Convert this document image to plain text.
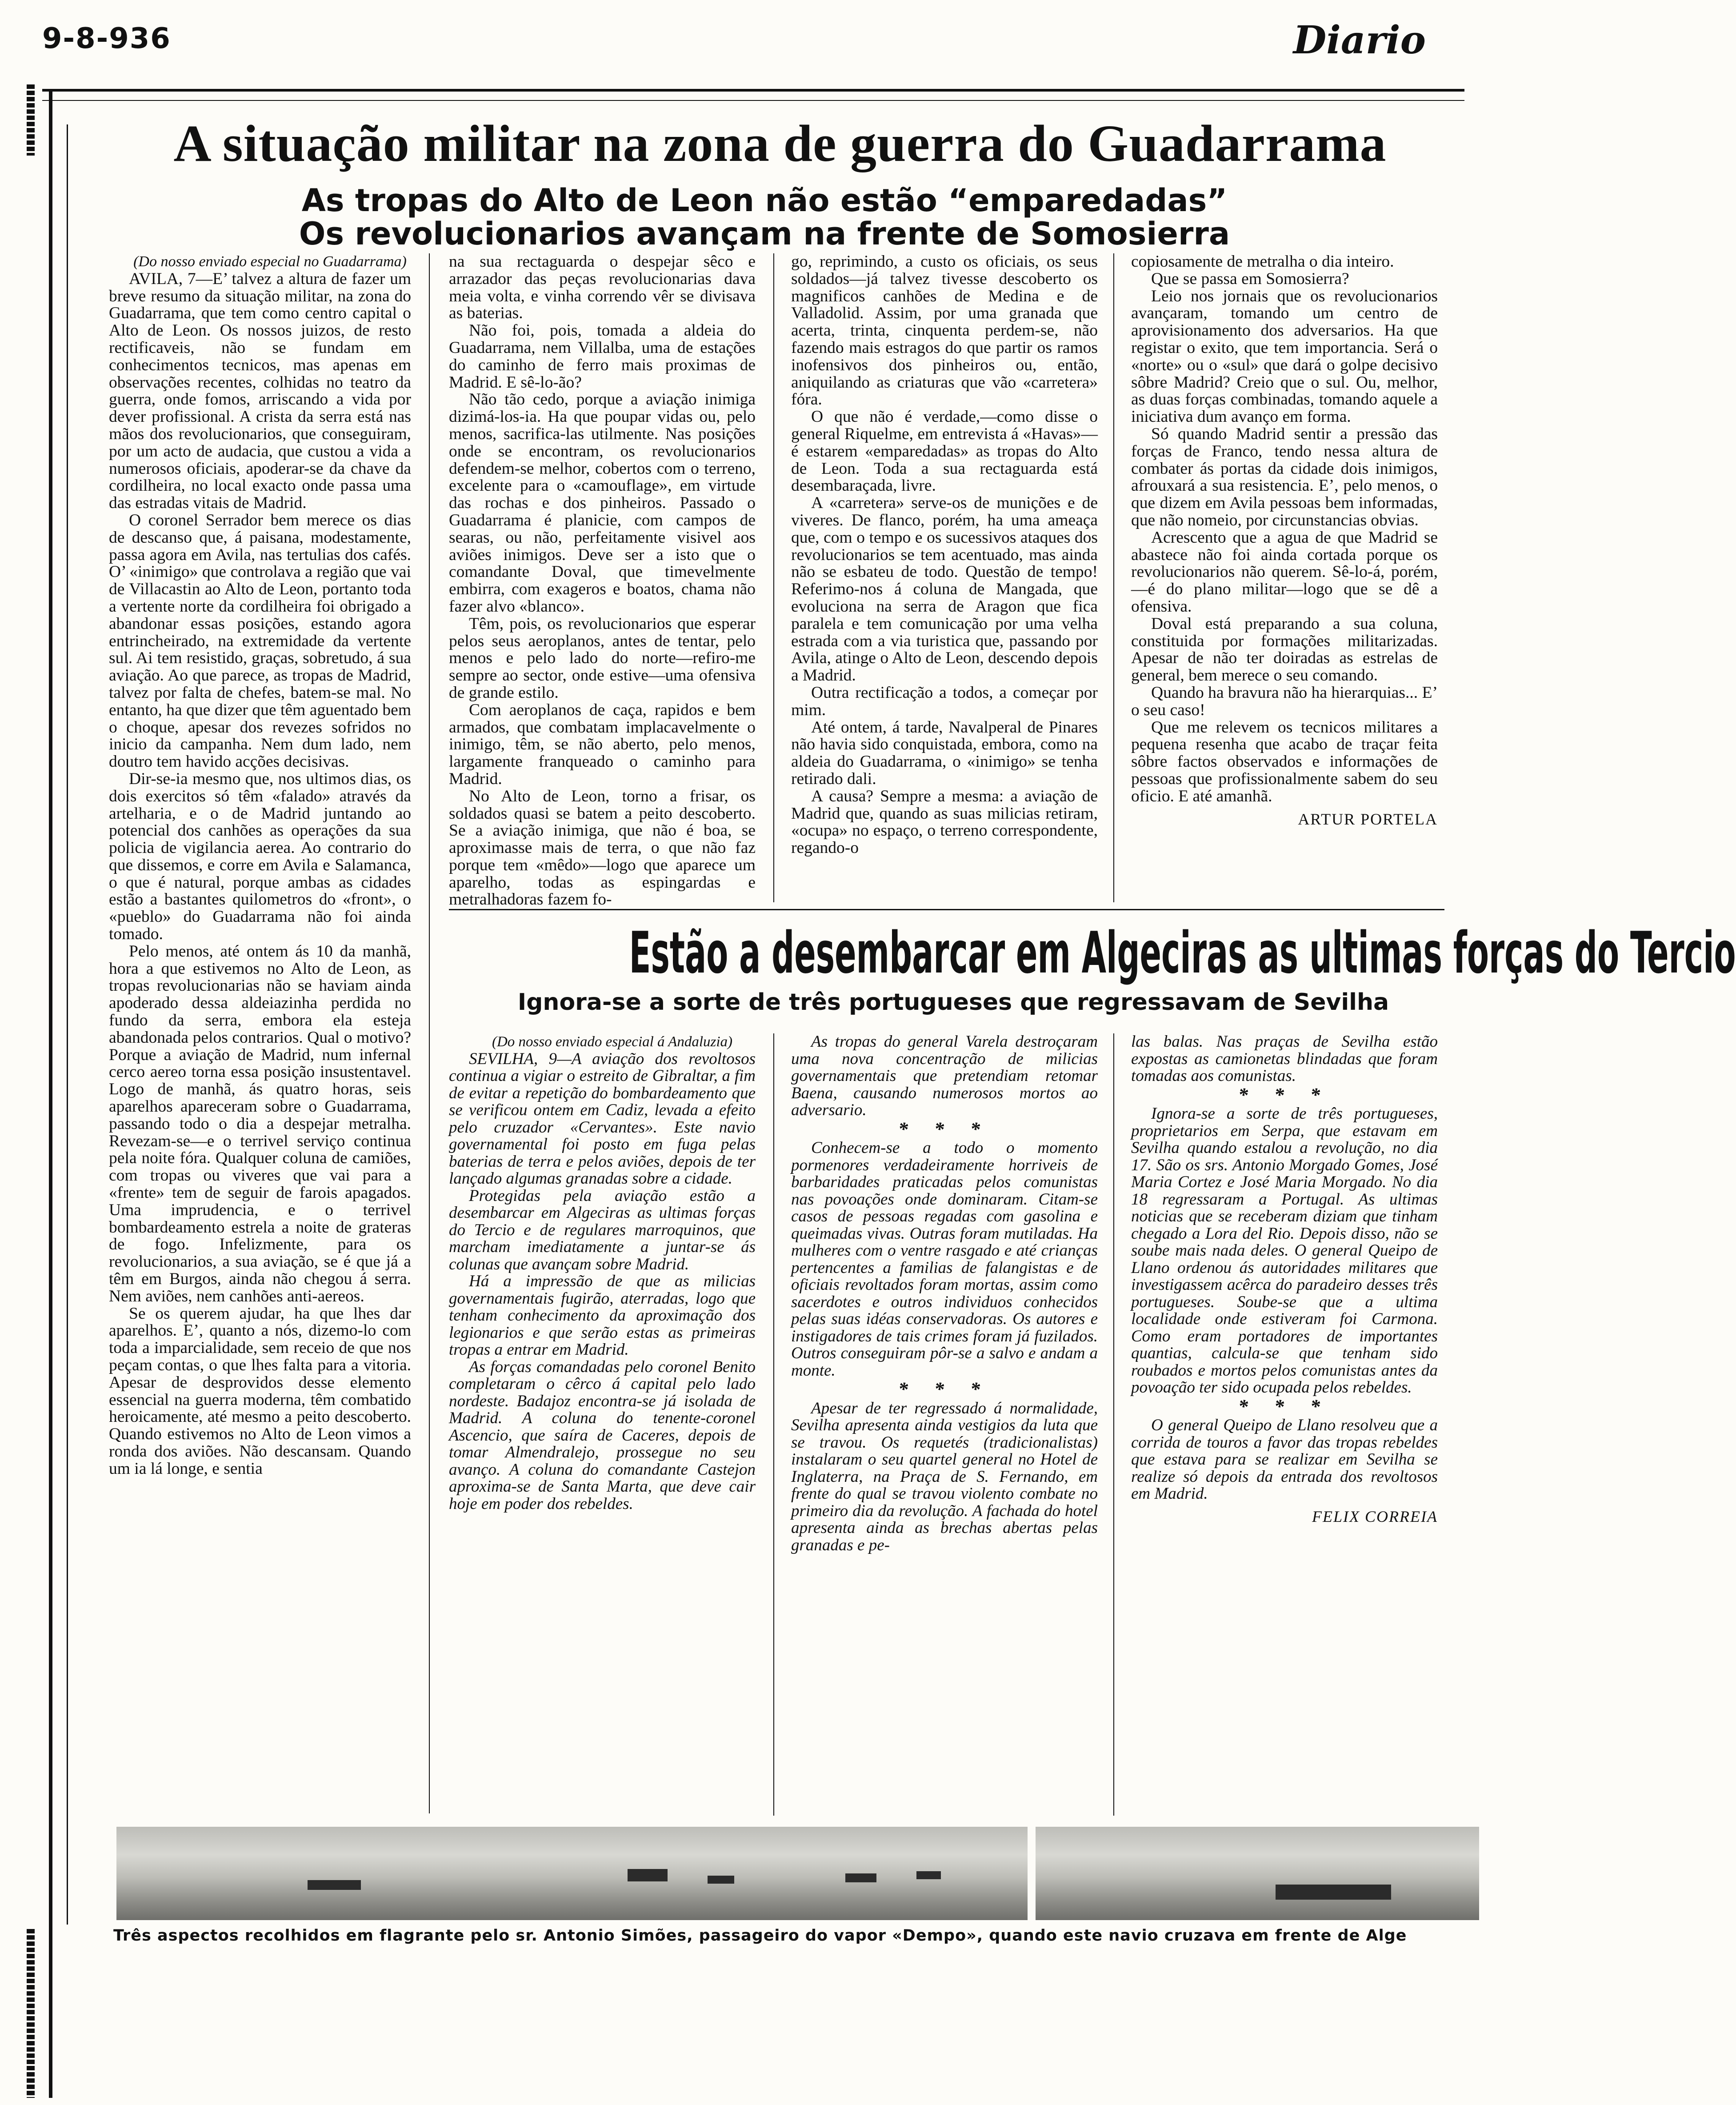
9-8-936	Diario
A situação militar na zona de guerra do Guadarrama
As tropas do Alto de Leon não estão “emparedadas”
Os revolucionarios avançam na frente de Somosierra

(Do nosso enviado especial no Guadarrama)

AVILA, 7—E’ talvez a altura de fazer um breve resumo da situação militar, na zona do Guadarrama, que tem como centro capital o Alto de Leon. Os nossos juizos, de resto rectificaveis, não se fundam em conhecimentos tecnicos, mas apenas em observações recentes, colhidas no teatro da guerra, onde fomos, arriscando a vida por dever profissional. A crista da serra está nas mãos dos revolucionarios, que conseguiram, por um acto de audacia, que custou a vida a numerosos oficiais, apoderar-se da chave da cordilheira, no local exacto onde passa uma das estradas vitais de Madrid.

O coronel Serrador bem merece os dias de descanso que, á paisana, modestamente, passa agora em Avila, nas tertulias dos cafés. O’ «inimigo» que controlava a região que vai de Villacastin ao Alto de Leon, portanto toda a vertente norte da cordilheira foi obrigado a abandonar essas posições, estando agora entrincheirado, na extremidade da vertente sul. Ai tem resistido, graças, sobretudo, á sua aviação. Ao que parece, as tropas de Madrid, talvez por falta de chefes, batem-se mal. No entanto, ha que dizer que têm aguentado bem o choque, apesar dos revezes sofridos no inicio da campanha. Nem dum lado, nem doutro tem havido acções decisivas.

Dir-se-ia mesmo que, nos ultimos dias, os dois exercitos só têm «falado» através da artelharia, e o de Madrid juntando ao potencial dos canhões as operações da sua policia de vigilancia aerea. Ao contrario do que dissemos, e corre em Avila e Salamanca, o que é natural, porque ambas as cidades estão a bastantes quilometros do «front», o «pueblo» do Guadarrama não foi ainda tomado.

Pelo menos, até ontem ás 10 da manhã, hora a que estivemos no Alto de Leon, as tropas revolucionarias não se haviam ainda apoderado dessa aldeiazinha perdida no fundo da serra, embora ela esteja abandonada pelos contrarios. Qual o motivo? Porque a aviação de Madrid, num infernal cerco aereo torna essa posição insustentavel. Logo de manhã, ás quatro horas, seis aparelhos apareceram sobre o Guadarrama, passando todo o dia a despejar metralha. Revezam-se—e o terrivel serviço continua pela noite fóra. Qualquer coluna de camiões, com tropas ou viveres que vai para a «frente» tem de seguir de farois apagados. Uma imprudencia, e o terrivel bombardeamento estrela a noite de grateras de fogo. Infelizmente, para os revolucionarios, a sua aviação, se é que já a têm em Burgos, ainda não chegou á serra. Nem aviões, nem canhões anti-aereos.

Se os querem ajudar, ha que lhes dar aparelhos. E’, quanto a nós, dizemo-lo com toda a imparcialidade, sem receio de que nos peçam contas, o que lhes falta para a vitoria. Apesar de desprovidos desse elemento essencial na guerra moderna, têm combatido heroicamente, até mesmo a peito descoberto. Quando estivemos no Alto de Leon vimos a ronda dos aviões. Não descansam. Quando um ia lá longe, e sentia

na sua rectaguarda o despejar sêco e arrazador das peças revolucionarias dava meia volta, e vinha correndo vêr se divisava as baterias.

Não foi, pois, tomada a aldeia do Guadarrama, nem Villalba, uma de estações do caminho de ferro mais proximas de Madrid. E sê-lo-ão?

Não tão cedo, porque a aviação inimiga dizimá-los-ia. Ha que poupar vidas ou, pelo menos, sacrifica-las utilmente. Nas posições onde se encontram, os revolucionarios defendem-se melhor, cobertos com o terreno, excelente para o «camouflage», em virtude das rochas e dos pinheiros. Passado o Guadarrama é planicie, com campos de searas, ou não, perfeitamente visivel aos aviões inimigos. Deve ser a isto que o comandante Doval, que timevelmente embirra, com exageros e boatos, chama não fazer alvo «blanco».

Têm, pois, os revolucionarios que esperar pelos seus aeroplanos, antes de tentar, pelo menos e pelo lado do norte—refiro-me sempre ao sector, onde estive—uma ofensiva de grande estilo.

Com aeroplanos de caça, rapidos e bem armados, que combatam implacavelmente o inimigo, têm, se não aberto, pelo menos, largamente franqueado o caminho para Madrid.

No Alto de Leon, torno a frisar, os soldados quasi se batem a peito descoberto. Se a aviação inimiga, que não é boa, se aproximasse mais de terra, o que não faz porque tem «mêdo»—logo que aparece um aparelho, todas as espingardas e metralhadoras fazem fo-

go, reprimindo, a custo os oficiais, os seus soldados—já talvez tivesse descoberto os magnificos canhões de Medina e de Valladolid. Assim, por uma granada que acerta, trinta, cinquenta perdem-se, não fazendo mais estragos do que partir os ramos inofensivos dos pinheiros ou, então, aniquilando as criaturas que vão «carretera» fóra.

O que não é verdade,—como disse o general Riquelme, em entrevista á «Havas»—é estarem «emparedadas» as tropas do Alto de Leon. Toda a sua rectaguarda está desembaraçada, livre.

A «carretera» serve-os de munições e de viveres. De flanco, porém, ha uma ameaça que, com o tempo e os sucessivos ataques dos revolucionarios se tem acentuado, mas ainda não se esbateu de todo. Questão de tempo! Referimo-nos á coluna de Mangada, que evoluciona na serra de Aragon que fica paralela e tem comunicação por uma velha estrada com a via turistica que, passando por Avila, atinge o Alto de Leon, descendo depois a Madrid.

Outra rectificação a todos, a começar por mim.

Até ontem, á tarde, Navalperal de Pinares não havia sido conquistada, embora, como na aldeia do Guadarrama, o «inimigo» se tenha retirado dali.

A causa? Sempre a mesma: a aviação de Madrid que, quando as suas milicias retiram, «ocupa» no espaço, o terreno correspondente, regando-o

copiosamente de metralha o dia inteiro.

Que se passa em Somosierra?

Leio nos jornais que os revolucionarios avançaram, tomando um centro de aprovisionamento dos adversarios. Ha que registar o exito, que tem importancia. Será o «norte» ou o «sul» que dará o golpe decisivo sôbre Madrid? Creio que o sul. Ou, melhor, as duas forças combinadas, tomando aquele a iniciativa dum avanço em forma.

Só quando Madrid sentir a pressão das forças de Franco, tendo nessa altura de combater ás portas da cidade dois inimigos, afrouxará a sua resistencia. E’, pelo menos, o que dizem em Avila pessoas bem informadas, que não nomeio, por circunstancias obvias.

Acrescento que a agua de que Madrid se abastece não foi ainda cortada porque os revolucionarios não querem. Sê-lo-á, porém,—é do plano militar—logo que se dê a ofensiva.

Doval está preparando a sua coluna, constituida por formações militarizadas. Apesar de não ter doiradas as estrelas de general, bem merece o seu comando.

Quando ha bravura não ha hierarquias... E’ o seu caso!

Que me relevem os tecnicos militares a pequena resenha que acabo de traçar feita sôbre factos observados e informações de pessoas que profissionalmente sabem do seu oficio. E até amanhã.

ARTUR PORTELA
Estão a desembarcar em Algeciras as ultimas forças do Tercio
Ignora-se a sorte de três portugueses que regressavam de Sevilha

(Do nosso enviado especial á Andaluzia)

SEVILHA, 9—A aviação dos revoltosos continua a vigiar o estreito de Gibraltar, a fim de evitar a repetição do bombardeamento que se verificou ontem em Cadiz, levada a efeito pelo cruzador «Cervantes». Este navio governamental foi posto em fuga pelas baterias de terra e pelos aviões, depois de ter lançado algumas granadas sobre a cidade.

Protegidas pela aviação estão a desembarcar em Algeciras as ultimas forças do Tercio e de regulares marroquinos, que marcham imediatamente a juntar-se ás colunas que avançam sobre Madrid.

Há a impressão de que as milicias governamentais fugirão, aterradas, logo que tenham conhecimento da aproximação dos legionarios e que serão estas as primeiras tropas a entrar em Madrid.

As forças comandadas pelo coronel Benito completaram o cêrco á capital pelo lado nordeste. Badajoz encontra-se já isolada de Madrid. A coluna do tenente-coronel Ascencio, que saíra de Caceres, depois de tomar Almendralejo, prossegue no seu avanço. A coluna do comandante Castejon aproxima-se de Santa Marta, que deve cair hoje em poder dos rebeldes.

As tropas do general Varela destroçaram uma nova concentração de milicias governamentais que pretendiam retomar Baena, causando numerosos mortos ao adversario.

* * *

Conhecem-se a todo o momento pormenores verdadeiramente horriveis de barbaridades praticadas pelos comunistas nas povoações onde dominaram. Citam-se casos de pessoas regadas com gasolina e queimadas vivas. Outras foram mutiladas. Ha mulheres com o ventre rasgado e até crianças pertencentes a familias de falangistas e de oficiais revoltados foram mortas, assim como sacerdotes e outros individuos conhecidos pelas suas idéas conservadoras. Os autores e instigadores de tais crimes foram já fuzilados. Outros conseguiram pôr-se a salvo e andam a monte.

* * *

Apesar de ter regressado á normalidade, Sevilha apresenta ainda vestigios da luta que se travou. Os requetés (tradicionalistas) instalaram o seu quartel general no Hotel de Inglaterra, na Praça de S. Fernando, em frente do qual se travou violento combate no primeiro dia da revolução. A fachada do hotel apresenta ainda as brechas abertas pelas granadas e pe-

las balas. Nas praças de Sevilha estão expostas as camionetas blindadas que foram tomadas aos comunistas.

* * *

Ignora-se a sorte de três portugueses, proprietarios em Serpa, que estavam em Sevilha quando estalou a revolução, no dia 17. São os srs. Antonio Morgado Gomes, José Maria Cortez e José Maria Morgado. No dia 18 regressaram a Portugal. As ultimas noticias que se receberam diziam que tinham chegado a Lora del Rio. Depois disso, não se soube mais nada deles. O general Queipo de Llano ordenou ás autoridades militares que investigassem acêrca do paradeiro desses três portugueses. Soube-se que a ultima localidade onde estiveram foi Carmona. Como eram portadores de importantes quantias, calcula-se que tenham sido roubados e mortos pelos comunistas antes da povoação ter sido ocupada pelos rebeldes.

* * *

O general Queipo de Llano resolveu que a corrida de touros a favor das tropas rebeldes que estava para se realizar em Sevilha se realize só depois da entrada dos revoltosos em Madrid.

FELIX CORREIA
Três aspectos recolhidos em flagrante pelo sr. Antonio Simões, passageiro do vapor «Dempo», quando este navio cruzava em frente de Alge
